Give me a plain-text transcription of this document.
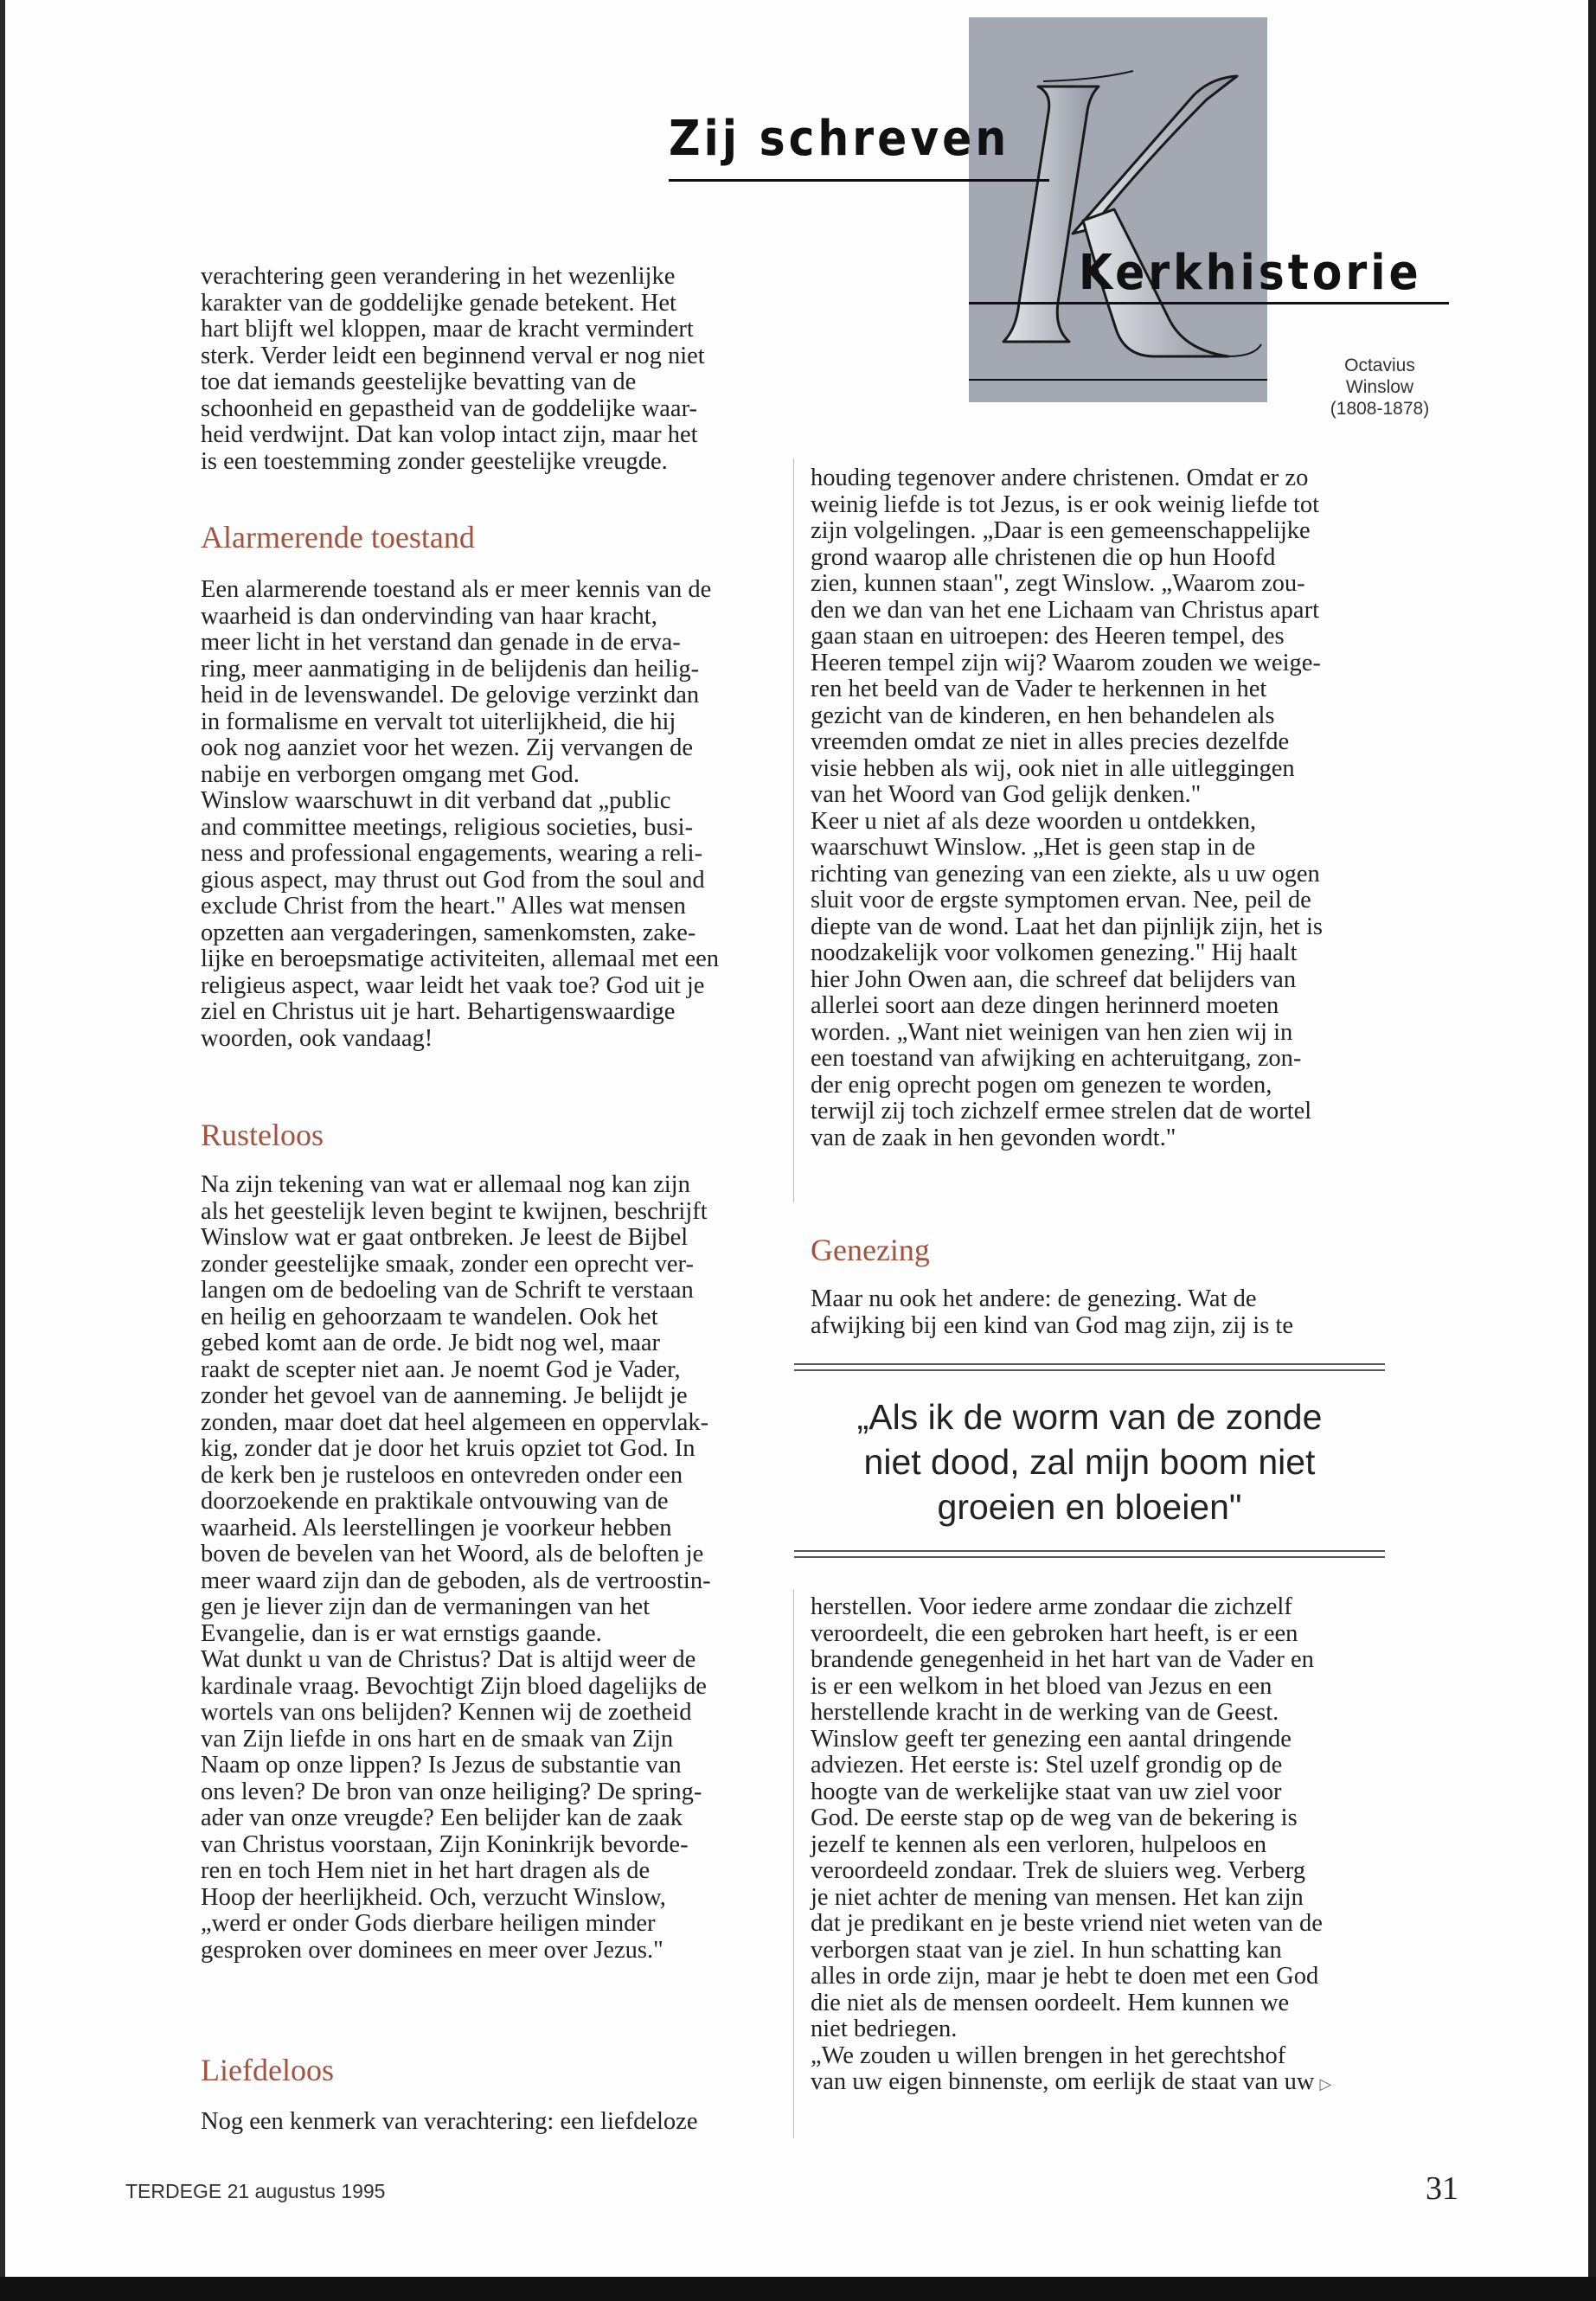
Zij schreven
Kerkhistorie
Octavius
Winslow
(1808-1878)

verachtering geen verandering in het wezenlijke

karakter van de goddelijke genade betekent. Het

hart blijft wel kloppen, maar de kracht vermindert

sterk. Verder leidt een beginnend verval er nog niet

toe dat iemands geestelijke bevatting van de

schoonheid en gepastheid van de goddelijke waar-

heid verdwijnt. Dat kan volop intact zijn, maar het

is een toestemming zonder geestelijke vreugde.

Alarmerende toestand

Een alarmerende toestand als er meer kennis van de

waarheid is dan ondervinding van haar kracht,

meer licht in het verstand dan genade in de erva-

ring, meer aanmatiging in de belijdenis dan heilig-

heid in de levenswandel. De gelovige verzinkt dan

in formalisme en vervalt tot uiterlijkheid, die hij

ook nog aanziet voor het wezen. Zij vervangen de

nabije en verborgen omgang met God.

Winslow waarschuwt in dit verband dat „public

and committee meetings, religious societies, busi-

ness and professional engagements, wearing a reli-

gious aspect, may thrust out God from the soul and

exclude Christ from the heart." Alles wat mensen

opzetten aan vergaderingen, samenkomsten, zake-

lijke en beroepsmatige activiteiten, allemaal met een

religieus aspect, waar leidt het vaak toe? God uit je

ziel en Christus uit je hart. Behartigenswaardige

woorden, ook vandaag!

Rusteloos

Na zijn tekening van wat er allemaal nog kan zijn

als het geestelijk leven begint te kwijnen, beschrijft

Winslow wat er gaat ontbreken. Je leest de Bijbel

zonder geestelijke smaak, zonder een oprecht ver-

langen om de bedoeling van de Schrift te verstaan

en heilig en gehoorzaam te wandelen. Ook het

gebed komt aan de orde. Je bidt nog wel, maar

raakt de scepter niet aan. Je noemt God je Vader,

zonder het gevoel van de aanneming. Je belijdt je

zonden, maar doet dat heel algemeen en oppervlak-

kig, zonder dat je door het kruis opziet tot God. In

de kerk ben je rusteloos en ontevreden onder een

doorzoekende en praktikale ontvouwing van de

waarheid. Als leerstellingen je voorkeur hebben

boven de bevelen van het Woord, als de beloften je

meer waard zijn dan de geboden, als de vertroostin-

gen je liever zijn dan de vermaningen van het

Evangelie, dan is er wat ernstigs gaande.

Wat dunkt u van de Christus? Dat is altijd weer de

kardinale vraag. Bevochtigt Zijn bloed dagelijks de

wortels van ons belijden? Kennen wij de zoetheid

van Zijn liefde in ons hart en de smaak van Zijn

Naam op onze lippen? Is Jezus de substantie van

ons leven? De bron van onze heiliging? De spring-

ader van onze vreugde? Een belijder kan de zaak

van Christus voorstaan, Zijn Koninkrijk bevorde-

ren en toch Hem niet in het hart dragen als de

Hoop der heerlijkheid. Och, verzucht Winslow,

„werd er onder Gods dierbare heiligen minder

gesproken over dominees en meer over Jezus."

Liefdeloos

Nog een kenmerk van verachtering: een liefdeloze

houding tegenover andere christenen. Omdat er zo

weinig liefde is tot Jezus, is er ook weinig liefde tot

zijn volgelingen. „Daar is een gemeenschappelijke

grond waarop alle christenen die op hun Hoofd

zien, kunnen staan", zegt Winslow. „Waarom zou-

den we dan van het ene Lichaam van Christus apart

gaan staan en uitroepen: des Heeren tempel, des

Heeren tempel zijn wij? Waarom zouden we weige-

ren het beeld van de Vader te herkennen in het

gezicht van de kinderen, en hen behandelen als

vreemden omdat ze niet in alles precies dezelfde

visie hebben als wij, ook niet in alle uitleggingen

van het Woord van God gelijk denken."

Keer u niet af als deze woorden u ontdekken,

waarschuwt Winslow. „Het is geen stap in de

richting van genezing van een ziekte, als u uw ogen

sluit voor de ergste symptomen ervan. Nee, peil de

diepte van de wond. Laat het dan pijnlijk zijn, het is

noodzakelijk voor volkomen genezing." Hij haalt

hier John Owen aan, die schreef dat belijders van

allerlei soort aan deze dingen herinnerd moeten

worden. „Want niet weinigen van hen zien wij in

een toestand van afwijking en achteruitgang, zon-

der enig oprecht pogen om genezen te worden,

terwijl zij toch zichzelf ermee strelen dat de wortel

van de zaak in hen gevonden wordt."

Genezing

Maar nu ook het andere: de genezing. Wat de

afwijking bij een kind van God mag zijn, zij is te

„Als ik de worm van de zonde
niet dood, zal mijn boom niet
groeien en bloeien"

herstellen. Voor iedere arme zondaar die zichzelf

veroordeelt, die een gebroken hart heeft, is er een

brandende genegenheid in het hart van de Vader en

is er een welkom in het bloed van Jezus en een

herstellende kracht in de werking van de Geest.

Winslow geeft ter genezing een aantal dringende

adviezen. Het eerste is: Stel uzelf grondig op de

hoogte van de werkelijke staat van uw ziel voor

God. De eerste stap op de weg van de bekering is

jezelf te kennen als een verloren, hulpeloos en

veroordeeld zondaar. Trek de sluiers weg. Verberg

je niet achter de mening van mensen. Het kan zijn

dat je predikant en je beste vriend niet weten van de

verborgen staat van je ziel. In hun schatting kan

alles in orde zijn, maar je hebt te doen met een God

die niet als de mensen oordeelt. Hem kunnen we

niet bedriegen.

„We zouden u willen brengen in het gerechtshof

van uw eigen binnenste, om eerlijk de staat van uw ▷

TERDEGE 21 augustus 1995	31
